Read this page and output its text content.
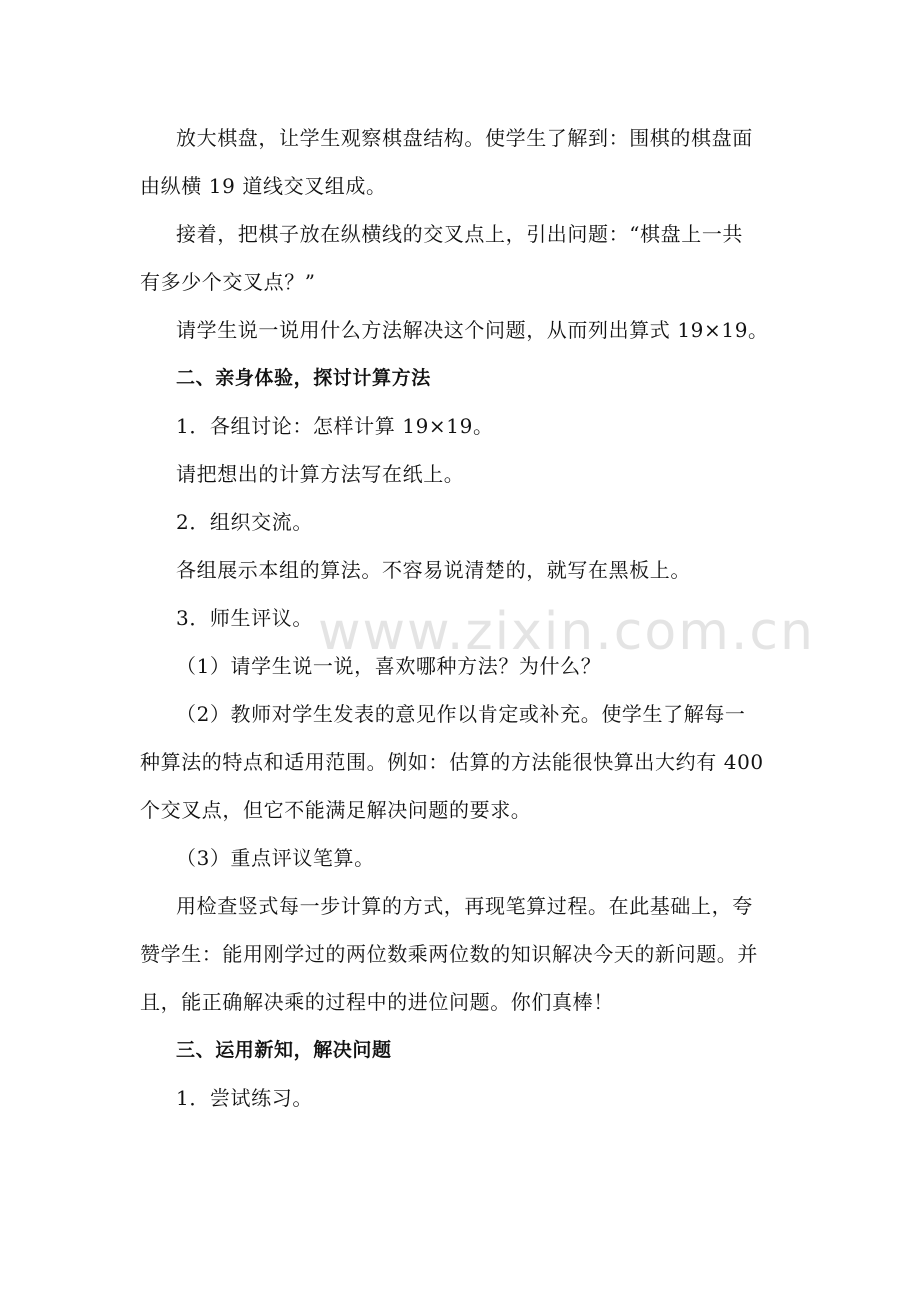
放大棋盘，让学生观察棋盘结构。使学生了解到：围棋的棋盘面
由纵横 19 道线交叉组成。
接着，把棋子放在纵横线的交叉点上，引出问题：“棋盘上一共
有多少个交叉点？”
请学生说一说用什么方法解决这个问题，从而列出算式 19×19。
二、亲身体验，探讨计算方法
1．各组讨论：怎样计算 19×19。
请把想出的计算方法写在纸上。
2．组织交流。
各组展示本组的算法。不容易说清楚的，就写在黑板上。
3．师生评议。
（1）请学生说一说，喜欢哪种方法？为什么？
（2）教师对学生发表的意见作以肯定或补充。使学生了解每一
种算法的特点和适用范围。例如：估算的方法能很快算出大约有 400
个交叉点，但它不能满足解决问题的要求。
（3）重点评议笔算。
用检查竖式每一步计算的方式，再现笔算过程。在此基础上，夸
赞学生：能用刚学过的两位数乘两位数的知识解决今天的新问题。并
且，能正确解决乘的过程中的进位问题。你们真棒！
三、运用新知，解决问题
1．尝试练习。
www.zixin.com.cn
